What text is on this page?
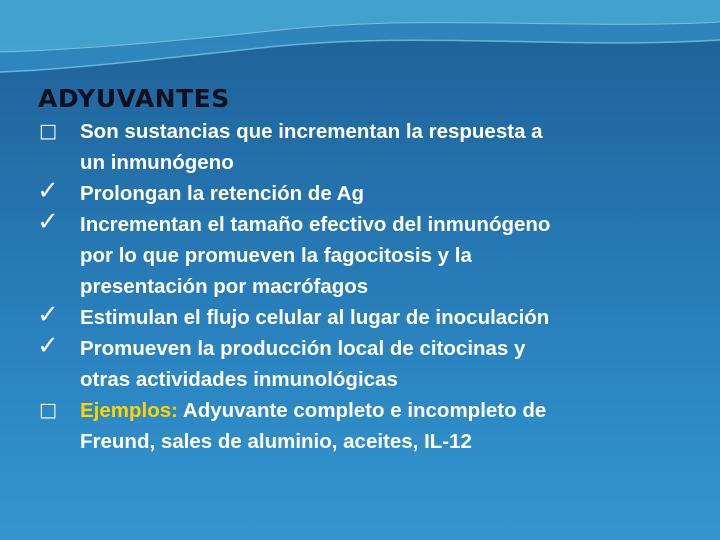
ADYUVANTES
□	Son sustancias que incrementan la respuesta a
un inmunógeno
✓	Prolongan la retención de Ag
✓	Incrementan el tamaño efectivo del inmunógeno
por lo que promueven la fagocitosis y la
presentación por macrófagos
✓	Estimulan el flujo celular al lugar de inoculación
✓	Promueven la producción local de citocinas y
otras actividades inmunológicas
□	Ejemplos: Adyuvante completo e incompleto de
Freund, sales de aluminio, aceites, IL-12
